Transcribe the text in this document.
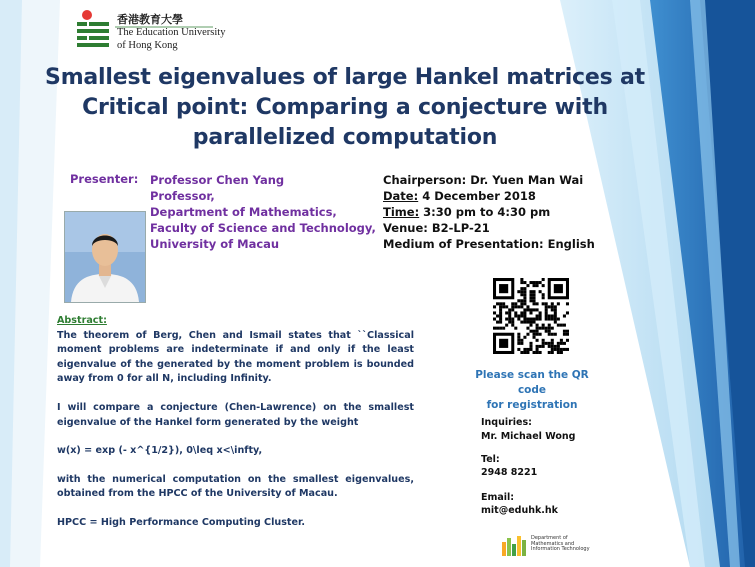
香港教育大學
The Education University
of Hong Kong
Smallest eigenvalues of large Hankel matrices at
Critical point: Comparing a conjecture with
parallelized computation
Presenter: Professor Chen Yang
Professor,
Department of Mathematics,
Faculty of Science and Technology,
University of Macau
Chairperson: Dr. Yuen Man Wai
Date: 4 December 2018
Time: 3:30 pm to 4:30 pm
Venue: B2-LP-21
Medium of Presentation: English
Abstract:

The theorem of Berg, Chen and Ismail states that ``Classical moment problems are indeterminate if and only if the least eigenvalue of the generated by the moment problem is bounded away from 0 for all N, including Infinity.

I will compare a conjecture (Chen-Lawrence) on the smallest eigenvalue of the Hankel form generated by the weight

w(x) = exp (- x^{1/2}), 0\leq x<\infty,

with the numerical computation on the smallest eigenvalues, obtained from the HPCC of the University of Macau.

HPCC = High Performance Computing Cluster.

Please scan the QR code
for registration
Inquiries:
Mr. Michael Wong
Tel:
2948 8221
Email:
mit@eduhk.hk
Department of
Mathematics and
Information Technology
